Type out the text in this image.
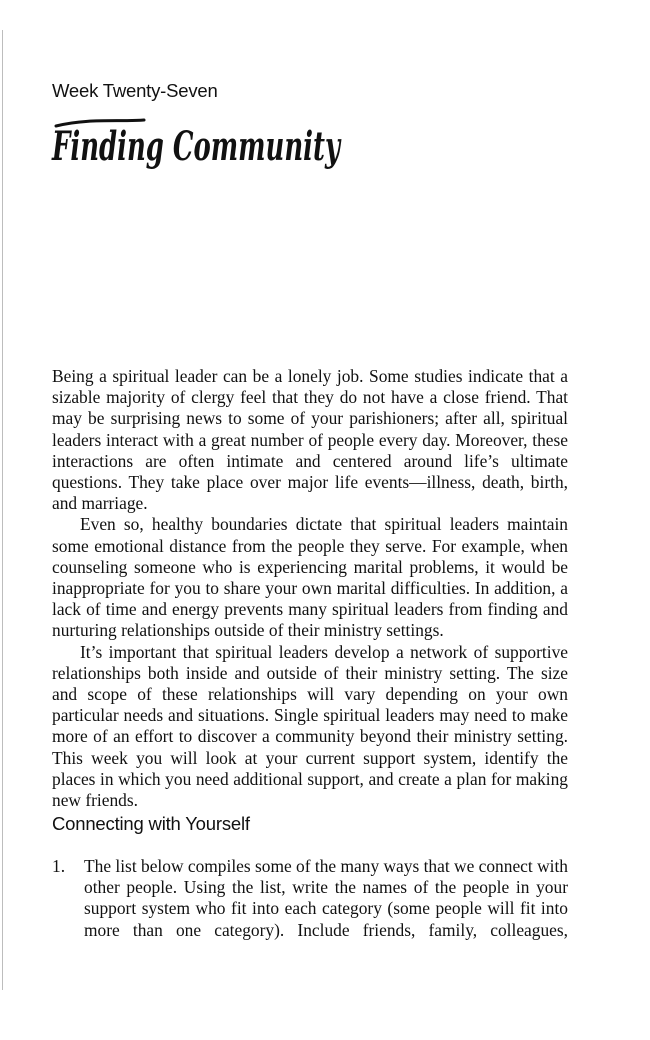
Week Twenty-Seven
Finding Community

Being a spiritual leader can be a lonely job. Some studies indicate that a sizable majority of clergy feel that they do not have a close friend. That may be surprising news to some of your parishioners; after all, spiritual leaders interact with a great number of people every day. Moreover, these interactions are often intimate and centered around life’s ultimate questions. They take place over major life events—illness, death, birth, and marriage.

Even so, healthy boundaries dictate that spiritual leaders maintain some emotional distance from the people they serve. For example, when counseling someone who is experiencing marital problems, it would be inappropriate for you to share your own marital difficulties. In addition, a lack of time and energy prevents many spiritual leaders from finding and nurturing relationships outside of their ministry settings.

It’s important that spiritual leaders develop a network of supportive relationships both inside and outside of their ministry setting. The size and scope of these relationships will vary depending on your own particular needs and situations. Single spiritual leaders may need to make more of an effort to discover a community beyond their ministry setting. This week you will look at your current support system, identify the places in which you need additional support, and create a plan for making new friends.

Connecting with Yourself
1. The list below compiles some of the many ways that we connect with other people. Using the list, write the names of the people in your support system who fit into each category (some people will fit into more than one category). Include friends, family, colleagues,
